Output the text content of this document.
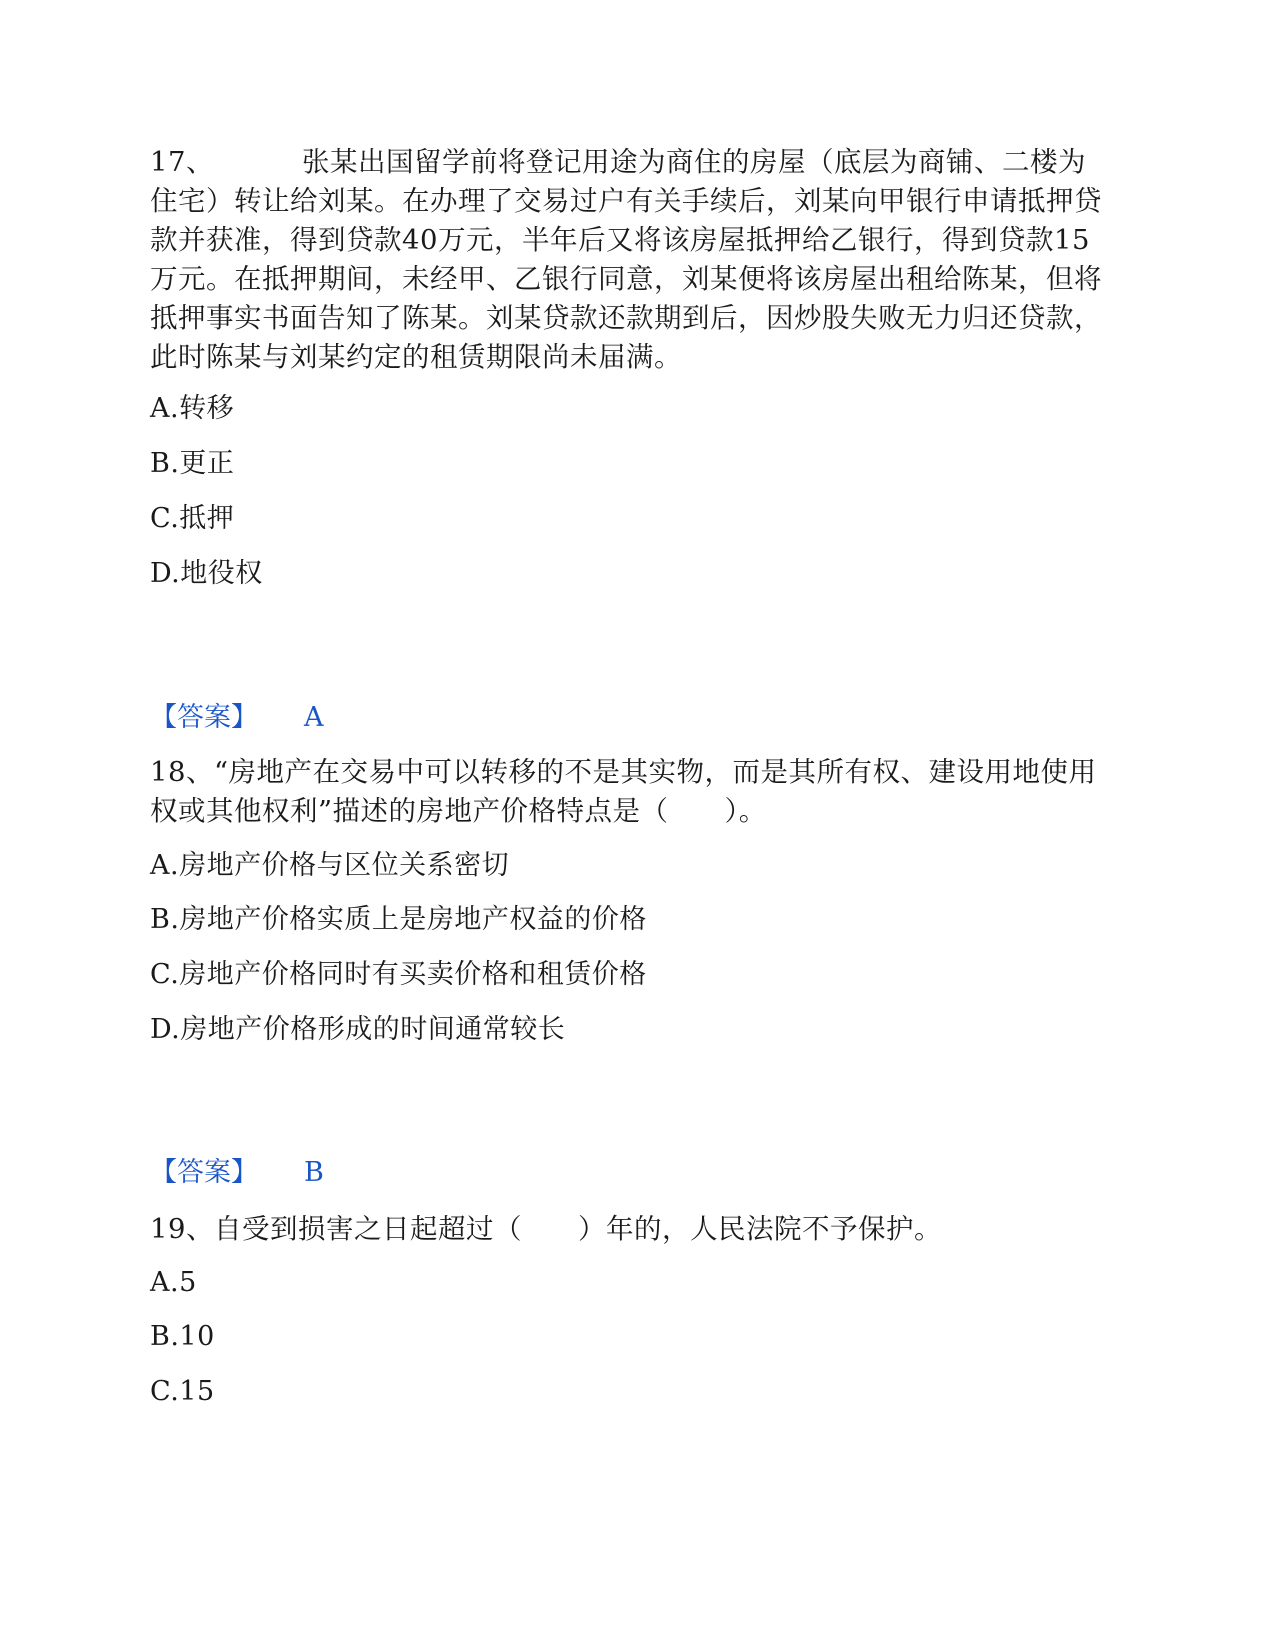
17、	张某出国留学前将登记用途为商住的房屋（底层为商铺、二楼为住宅）转让给刘某。在办理了交易过户有关手续后，刘某向甲银行申请抵押贷款并获准，得到贷款40万元，半年后又将该房屋抵押给乙银行，得到贷款15万元。在抵押期间，未经甲、乙银行同意，刘某便将该房屋出租给陈某，但将抵押事实书面告知了陈某。刘某贷款还款期到后，因炒股失败无力归还贷款，此时陈某与刘某约定的租赁期限尚未届满。

A.转移
B.更正
C.抵押
D.地役权
【答案】 A

18、“房地产在交易中可以转移的不是其实物，而是其所有权、建设用地使用权或其他权利”描述的房地产价格特点是（　　）。

A.房地产价格与区位关系密切
B.房地产价格实质上是房地产权益的价格
C.房地产价格同时有买卖价格和租赁价格
D.房地产价格形成的时间通常较长
【答案】 B

19、自受到损害之日起超过（　　）年的，人民法院不予保护。

A.5
B.10
C.15
